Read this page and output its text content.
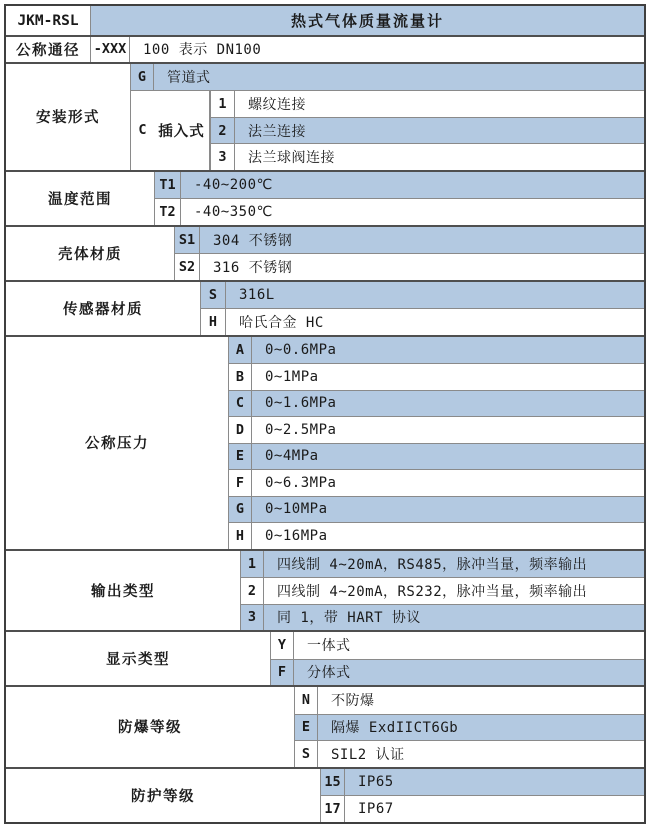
JKM-RSL	热式气体质量流量计
公称通径	-XXX	100 表示 DN100
安装形式
G	管道式
C 插入式
1	螺纹连接
2	法兰连接
3	法兰球阀连接
温度范围
T1	-40~200℃
T2	-40~350℃
壳体材质
S1	304 不锈钢
S2	316 不锈钢
传感器材质
S	316L
H	哈氏合金 HC
公称压力
A	0~0.6MPa
B	0~1MPa
C	0~1.6MPa
D	0~2.5MPa
E	0~4MPa
F	0~6.3MPa
G	0~10MPa
H	0~16MPa
输出类型
1	四线制 4~20mA，RS485，脉冲当量，频率输出
2	四线制 4~20mA，RS232，脉冲当量，频率输出
3	同 1，带 HART 协议
显示类型
Y	一体式
F	分体式
防爆等级
N	不防爆
E	隔爆 ExdIICT6Gb
S	SIL2 认证
防护等级
15	IP65
17	IP67
